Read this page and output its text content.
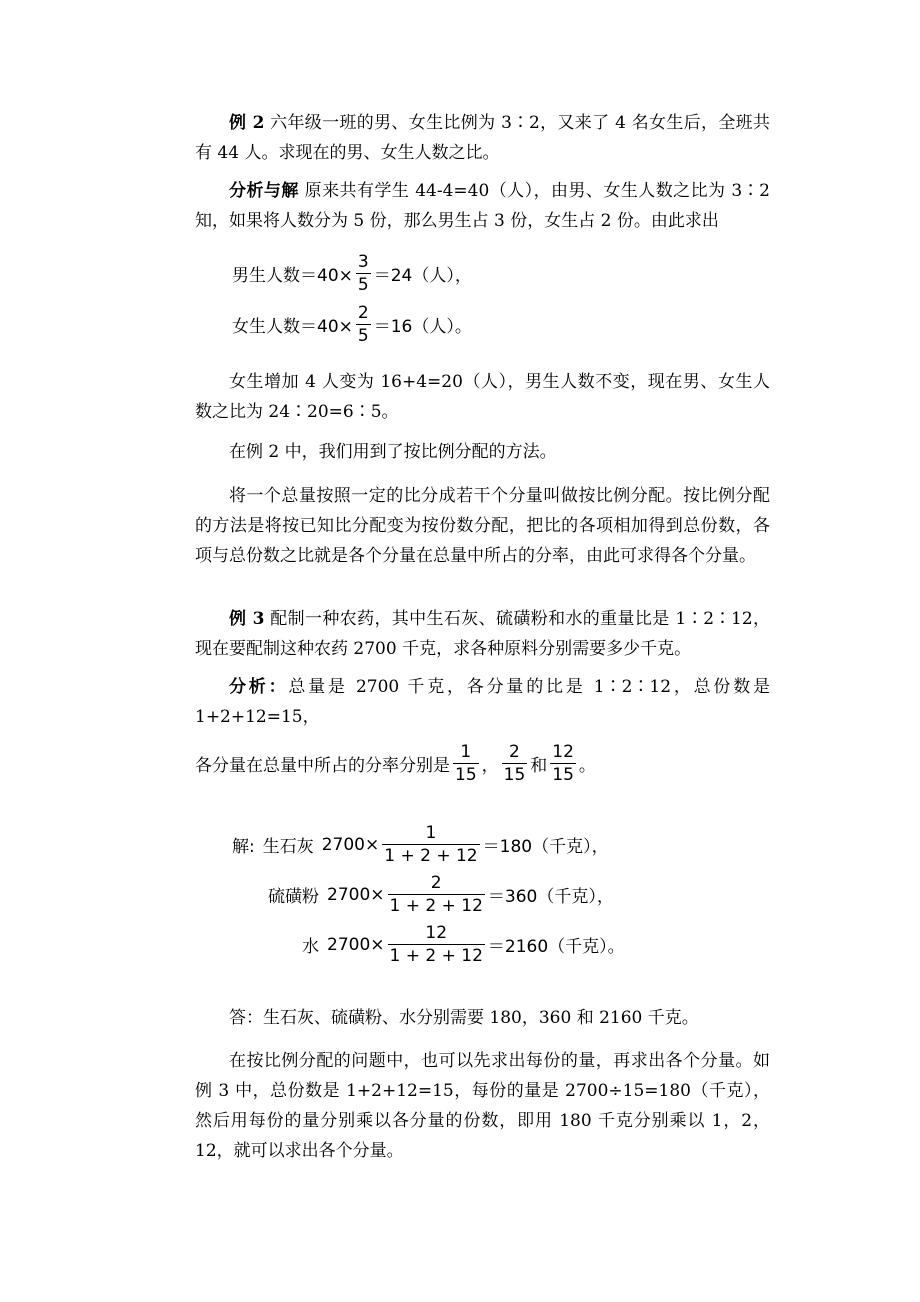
例 2 六年级一班的男、女生比例为 3∶2，又来了 4 名女生后，全班共有 44 人。求现在的男、女生人数之比。
分析与解 原来共有学生 44-4=40（人），由男、女生人数之比为 3∶2 知，如果将人数分为 5 份，那么男生占 3 份，女生占 2 份。由此求出
男生人数$=40\times \frac{3}{5} =24$（人），
女生人数$=40\times \frac{2}{5} =16$（人）。
女生增加 4 人变为 16+4=20（人），男生人数不变，现在男、女生人数之比为 24∶20=6∶5。
在例 2 中，我们用到了按比例分配的方法。
将一个总量按照一定的比分成若干个分量叫做按比例分配。按比例分配的方法是将按已知比分配变为按份数分配，把比的各项相加得到总份数，各项与总份数之比就是各个分量在总量中所占的分率，由此可求得各个分量。
例 3 配制一种农药，其中生石灰、硫磺粉和水的重量比是 1∶2∶12，现在要配制这种农药 2700 千克，求各种原料分别需要多少千克。
分析：总量是 2700 千克，各分量的比是 1∶2∶12，总份数是 1+2+12=15，
各分量在总量中所占的分率分别是 $\frac{1}{15}$ ， $\frac{2}{15}$ 和 $\frac{12}{15}$ 。
解: 生石灰 $2700\times \frac{1}{1 + 2 + 12} =180$（千克），
硫磺粉 $2700\times \frac{2}{1 + 2 + 12} =360$（千克），
水 $2700\times \frac{12}{1 + 2 + 12} =2160$（千克）。
答：生石灰、硫磺粉、水分别需要 180，360 和 2160 千克。
在按比例分配的问题中，也可以先求出每份的量，再求出各个分量。如例 3 中，总份数是 1+2+12=15，每份的量是 2700÷15=180（千克），然后用每份的量分别乘以各分量的份数，即用 180 千克分别乘以 1，2，12，就可以求出各个分量。
